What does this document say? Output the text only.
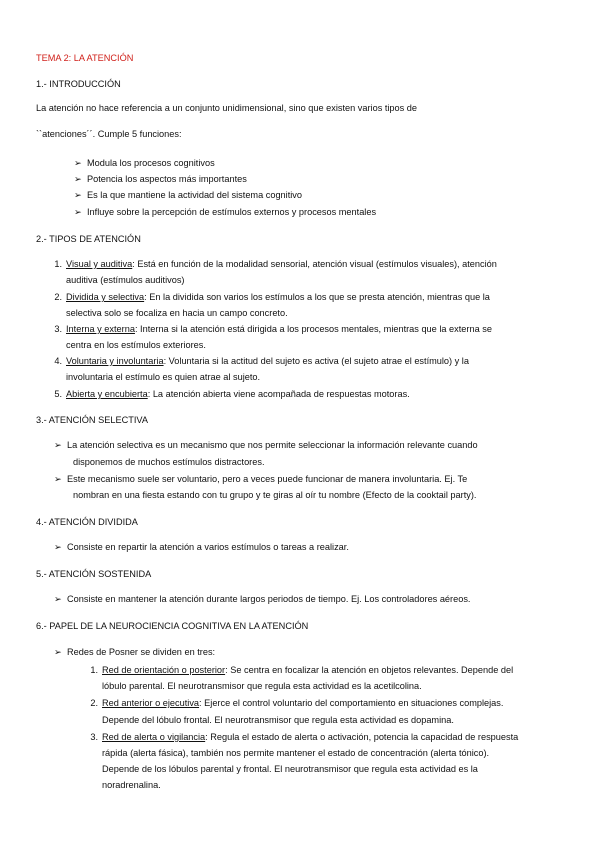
TEMA 2: LA ATENCIÓN
1.- INTRODUCCIÓN
La atención no hace referencia a un conjunto unidimensional, sino que existen varios tipos de
``atenciones´´. Cumple 5 funciones:
➢ Modula los procesos cognitivos
➢ Potencia los aspectos más importantes
➢ Es la que mantiene la actividad del sistema cognitivo
➢ Influye sobre la percepción de estímulos externos y procesos mentales
2.- TIPOS DE ATENCIÓN
1. Visual y auditiva: Está en función de la modalidad sensorial, atención visual (estímulos visuales), atención
auditiva (estímulos auditivos)
2. Dividida y selectiva: En la dividida son varios los estímulos a los que se presta atención, mientras que la
selectiva solo se focaliza en hacia un campo concreto.
3. Interna y externa: Interna si la atención está dirigida a los procesos mentales, mientras que la externa se
centra en los estímulos exteriores.
4. Voluntaria y involuntaria: Voluntaria si la actitud del sujeto es activa (el sujeto atrae el estímulo) y la
involuntaria el estímulo es quien atrae al sujeto.
5. Abierta y encubierta: La atención abierta viene acompañada de respuestas motoras.
3.- ATENCIÓN SELECTIVA
➢ La atención selectiva es un mecanismo que nos permite seleccionar la información relevante cuando
disponemos de muchos estímulos distractores.
➢ Este mecanismo suele ser voluntario, pero a veces puede funcionar de manera involuntaria. Ej. Te
nombran en una fiesta estando con tu grupo y te giras al oír tu nombre (Efecto de la cooktail party).
4.- ATENCIÓN DIVIDIDA
➢ Consiste en repartir la atención a varios estímulos o tareas a realizar.
5.- ATENCIÓN SOSTENIDA
➢ Consiste en mantener la atención durante largos periodos de tiempo. Ej. Los controladores aéreos.
6.- PAPEL DE LA NEUROCIENCIA COGNITIVA EN LA ATENCIÓN
➢ Redes de Posner se dividen en tres:
1. Red de orientación o posterior: Se centra en focalizar la atención en objetos relevantes. Depende del
lóbulo parental. El neurotransmisor que regula esta actividad es la acetilcolina.
2. Red anterior o ejecutiva: Ejerce el control voluntario del comportamiento en situaciones complejas.
Depende del lóbulo frontal. El neurotransmisor que regula esta actividad es dopamina.
3. Red de alerta o vigilancia: Regula el estado de alerta o activación, potencia la capacidad de respuesta
rápida (alerta fásica), también nos permite mantener el estado de concentración (alerta tónico).
Depende de los lóbulos parental y frontal. El neurotransmisor que regula esta actividad es la
noradrenalina.
